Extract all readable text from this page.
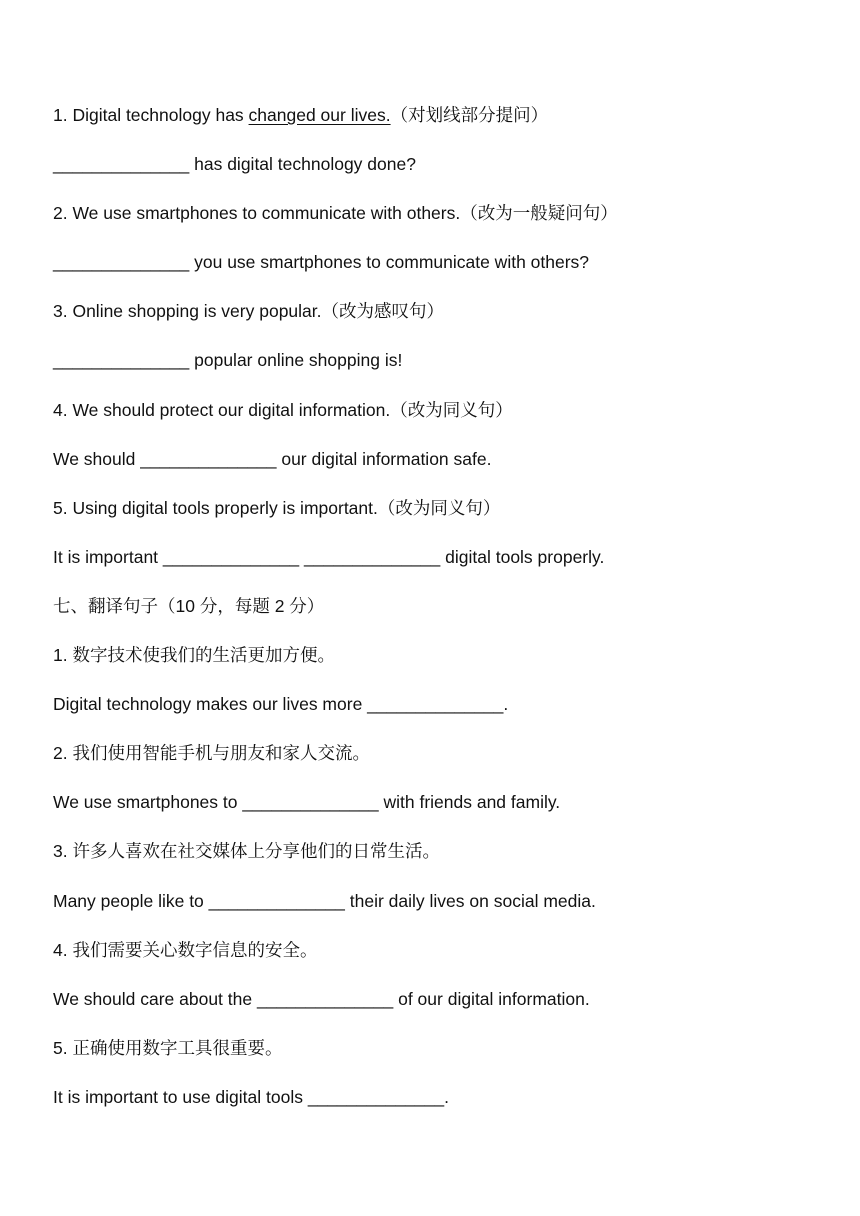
1. Digital technology has changed our lives.（对划线部分提问）
______________ has digital technology done?
2. We use smartphones to communicate with others.（改为一般疑问句）
______________ you use smartphones to communicate with others?
3. Online shopping is very popular.（改为感叹句）
______________ popular online shopping is!
4. We should protect our digital information.（改为同义句）
We should ______________ our digital information safe.
5. Using digital tools properly is important.（改为同义句）
It is important ______________ ______________ digital tools properly.
七、翻译句子（10 分，每题 2 分）
1. 数字技术使我们的生活更加方便。
Digital technology makes our lives more ______________.
2. 我们使用智能手机与朋友和家人交流。
We use smartphones to ______________ with friends and family.
3. 许多人喜欢在社交媒体上分享他们的日常生活。
Many people like to ______________ their daily lives on social media.
4. 我们需要关心数字信息的安全。
We should care about the ______________ of our digital information.
5. 正确使用数字工具很重要。
It is important to use digital tools ______________.
